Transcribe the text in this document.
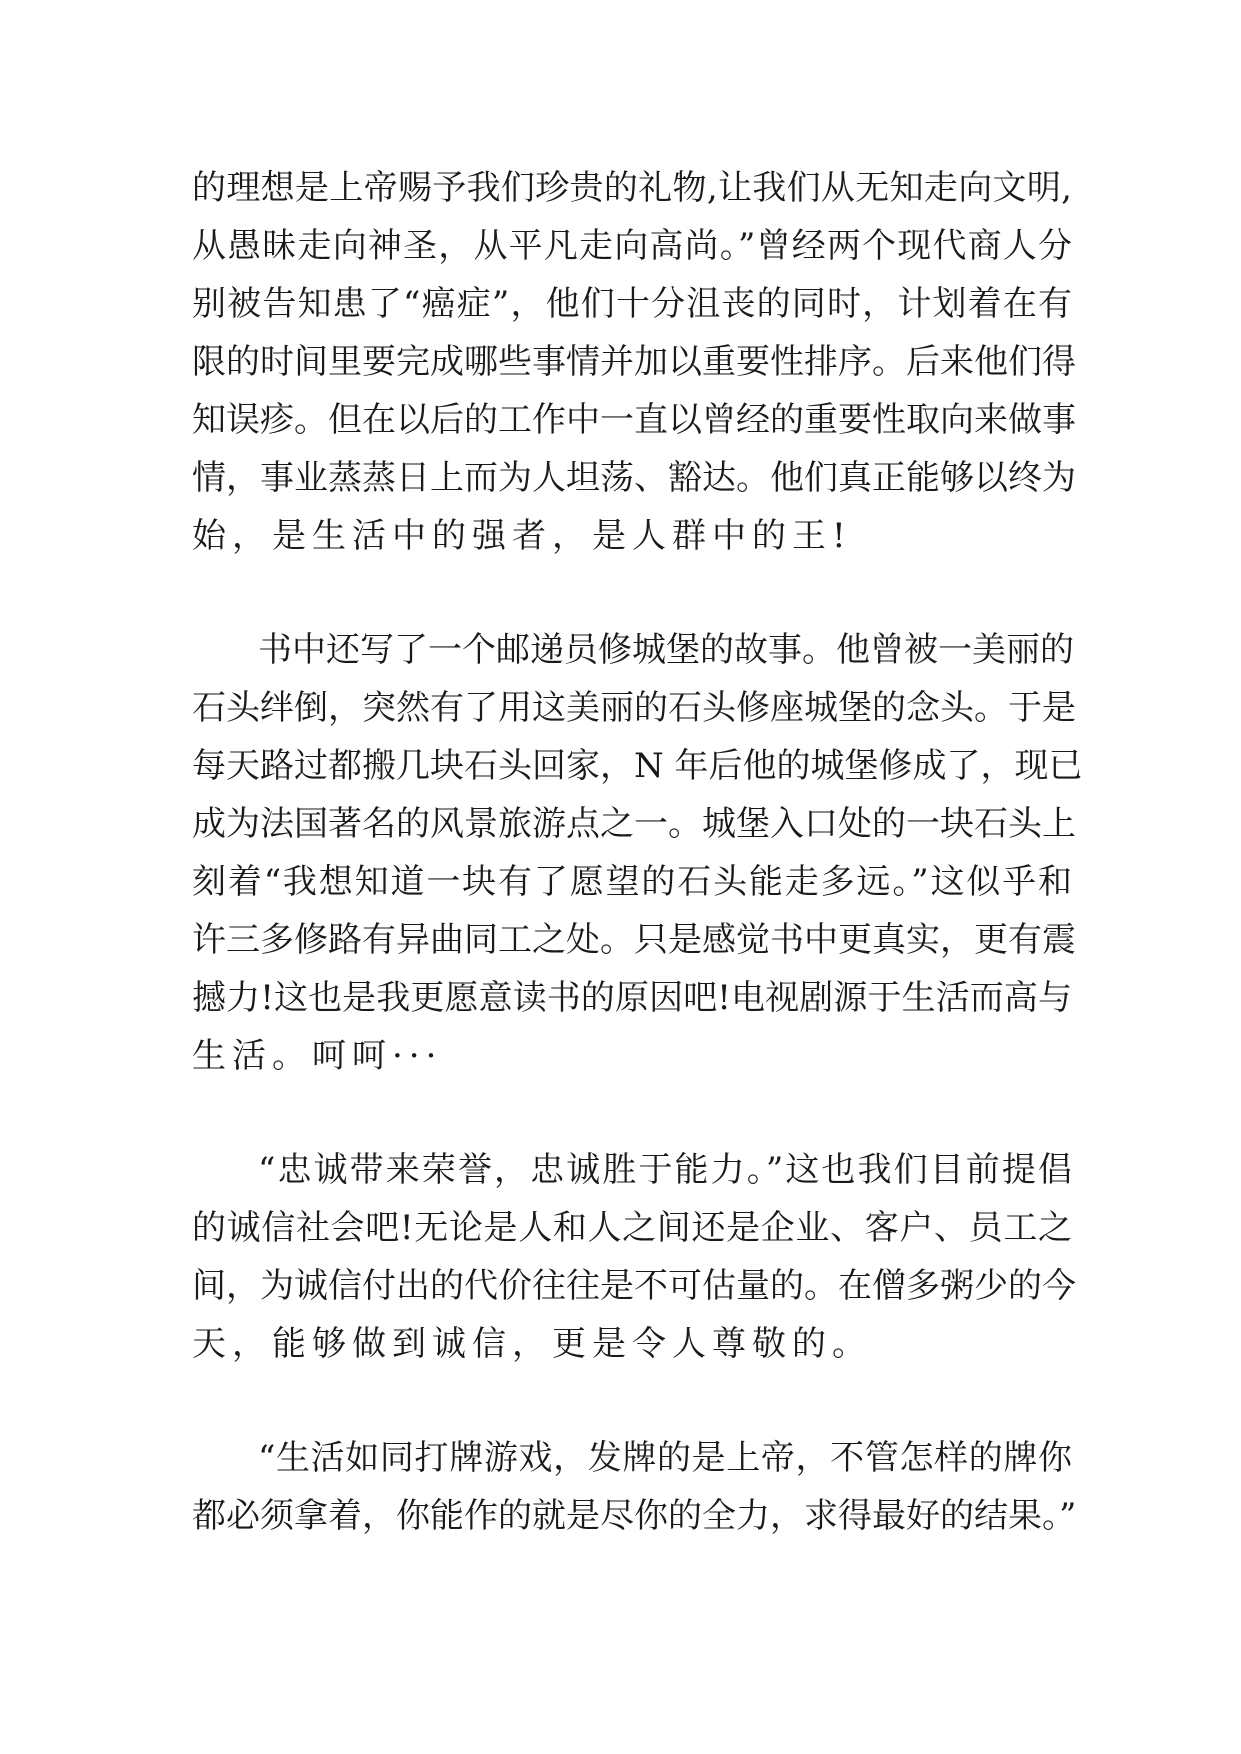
的理想是上帝赐予我们珍贵的礼物,让我们从无知走向文明,
从愚昧走向神圣，从平凡走向高尚。”曾经两个现代商人分
别被告知患了“癌症”，他们十分沮丧的同时，计划着在有
限的时间里要完成哪些事情并加以重要性排序。后来他们得
知误疹。但在以后的工作中一直以曾经的重要性取向来做事
情，事业蒸蒸日上而为人坦荡、豁达。他们真正能够以终为
始，是生活中的强者，是人群中的王!
书中还写了一个邮递员修城堡的故事。他曾被一美丽的
石头绊倒，突然有了用这美丽的石头修座城堡的念头。于是
每天路过都搬几块石头回家，N 年后他的城堡修成了，现已
成为法国著名的风景旅游点之一。城堡入口处的一块石头上
刻着“我想知道一块有了愿望的石头能走多远。”这似乎和
许三多修路有异曲同工之处。只是感觉书中更真实，更有震
撼力!这也是我更愿意读书的原因吧!电视剧源于生活而高与
生活。呵呵···
“忠诚带来荣誉，忠诚胜于能力。”这也我们目前提倡
的诚信社会吧!无论是人和人之间还是企业、客户、员工之
间，为诚信付出的代价往往是不可估量的。在僧多粥少的今
天，能够做到诚信，更是令人尊敬的。
“生活如同打牌游戏，发牌的是上帝，不管怎样的牌你
都必须拿着，你能作的就是尽你的全力，求得最好的结果。”
